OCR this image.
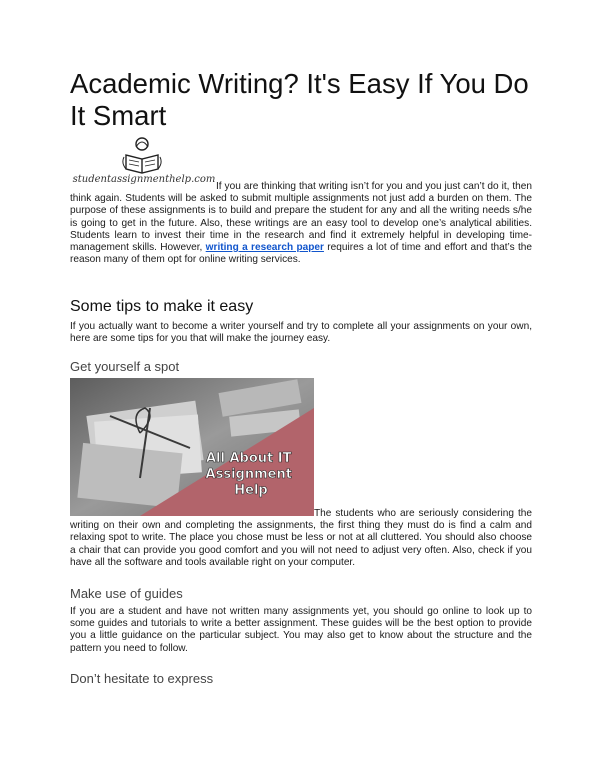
Academic Writing? It's Easy If You Do It Smart
studentassignmenthelp.com

If you are thinking that writing isn’t for you and you just can’t do it, then think again. Students will be asked to submit multiple assignments not just add a burden on them. The purpose of these assignments is to build and prepare the student for any and all the writing needs s/he is going to get in the future. Also, these writings are an easy tool to develop one’s analytical abilities. Students learn to invest their time in the research and find it extremely helpful in developing time-management skills. However, writing a research paper requires a lot of time and effort and that’s the reason many of them opt for online writing services.

Some tips to make it easy

If you actually want to become a writer yourself and try to complete all your assignments on your own, here are some tips for you that will make the journey easy.

Get yourself a spot
All About IT Assignment Help

The students who are seriously considering the writing on their own and completing the assignments, the first thing they must do is find a calm and relaxing spot to write. The place you chose must be less or not at all cluttered. You should also choose a chair that can provide you good comfort and you will not need to adjust very often. Also, check if you have all the software and tools available right on your computer.

Make use of guides

If you are a student and have not written many assignments yet, you should go online to look up to some guides and tutorials to write a better assignment. These guides will be the best option to provide you a little guidance on the particular subject. You may also get to know about the structure and the pattern you need to follow.

Don’t hesitate to express
